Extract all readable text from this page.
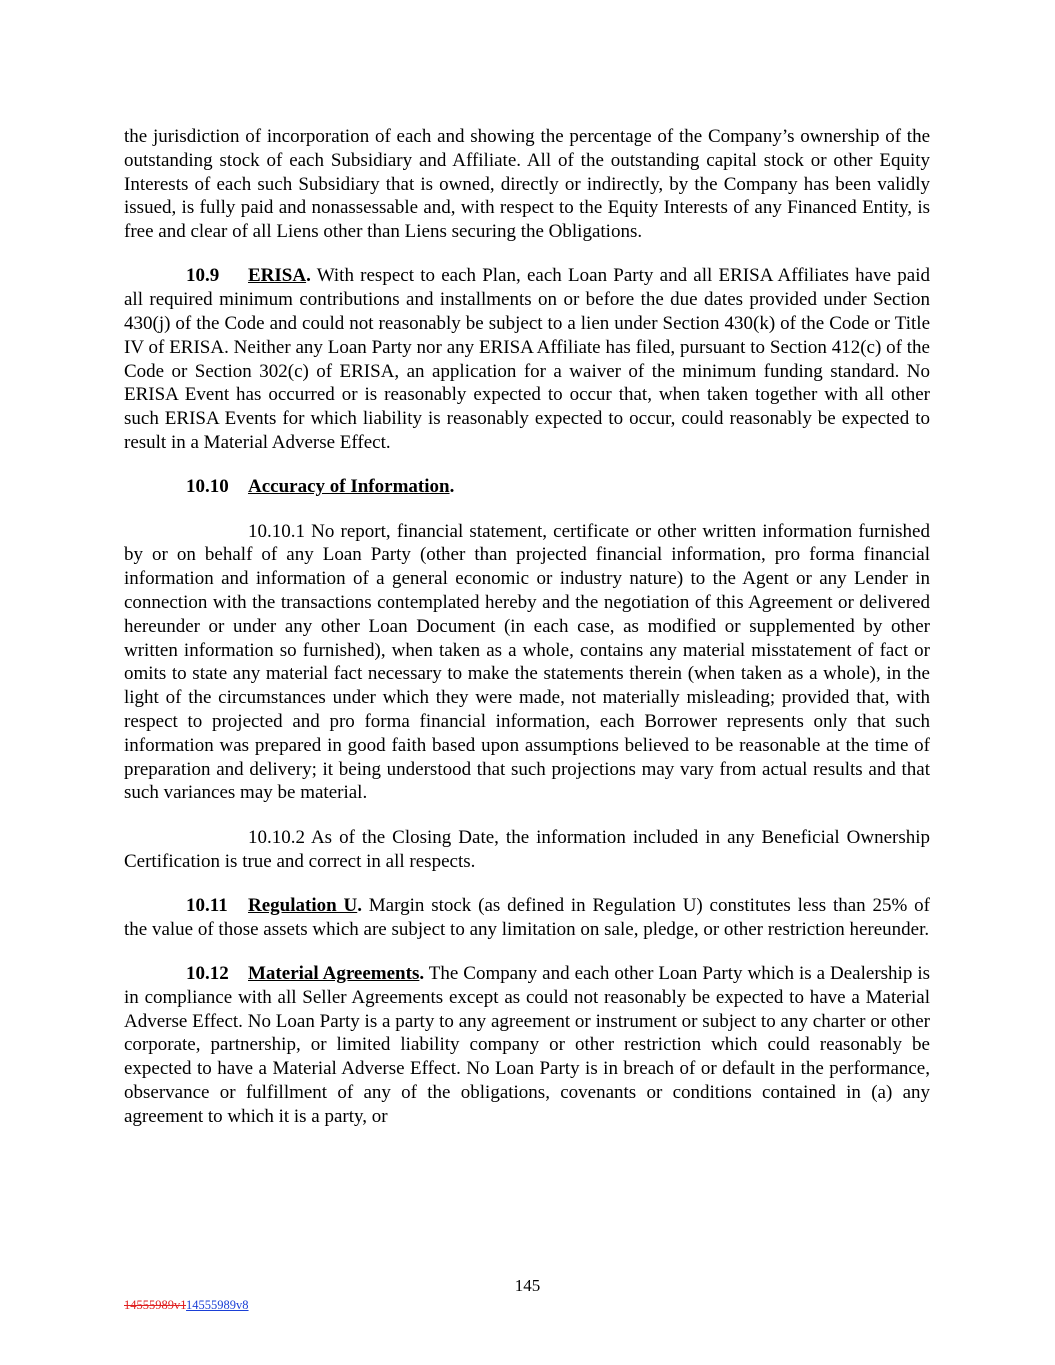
the jurisdiction of incorporation of each and showing the percentage of the Company’s ownership of the outstanding stock of each Subsidiary and Affiliate. All of the outstanding capital stock or other Equity Interests of each such Subsidiary that is owned, directly or indirectly, by the Company has been validly issued, is fully paid and nonassessable and, with respect to the Equity Interests of any Financed Entity, is free and clear of all Liens other than Liens securing the Obligations.

10.9 ERISA. With respect to each Plan, each Loan Party and all ERISA Affiliates have paid all required minimum contributions and installments on or before the due dates provided under Section 430(j) of the Code and could not reasonably be subject to a lien under Section 430(k) of the Code or Title IV of ERISA. Neither any Loan Party nor any ERISA Affiliate has filed, pursuant to Section 412(c) of the Code or Section 302(c) of ERISA, an application for a waiver of the minimum funding standard. No ERISA Event has occurred or is reasonably expected to occur that, when taken together with all other such ERISA Events for which liability is reasonably expected to occur, could reasonably be expected to result in a Material Adverse Effect.

10.10 Accuracy of Information.

10.10.1 No report, financial statement, certificate or other written information furnished by or on behalf of any Loan Party (other than projected financial information, pro forma financial information and information of a general economic or industry nature) to the Agent or any Lender in connection with the transactions contemplated hereby and the negotiation of this Agreement or delivered hereunder or under any other Loan Document (in each case, as modified or supplemented by other written information so furnished), when taken as a whole, contains any material misstatement of fact or omits to state any material fact necessary to make the statements therein (when taken as a whole), in the light of the circumstances under which they were made, not materially misleading; provided that, with respect to projected and pro forma financial information, each Borrower represents only that such information was prepared in good faith based upon assumptions believed to be reasonable at the time of preparation and delivery; it being understood that such projections may vary from actual results and that such variances may be material.

10.10.2 As of the Closing Date, the information included in any Beneficial Ownership Certification is true and correct in all respects.

10.11 Regulation U. Margin stock (as defined in Regulation U) constitutes less than 25% of the value of those assets which are subject to any limitation on sale, pledge, or other restriction hereunder.

10.12 Material Agreements. The Company and each other Loan Party which is a Dealership is in compliance with all Seller Agreements except as could not reasonably be expected to have a Material Adverse Effect. No Loan Party is a party to any agreement or instrument or subject to any charter or other corporate, partnership, or limited liability company or other restriction which could reasonably be expected to have a Material Adverse Effect. No Loan Party is in breach of or default in the performance, observance or fulfillment of any of the obligations, covenants or conditions contained in (a) any agreement to which it is a party, or

145
14555989v114555989v8
